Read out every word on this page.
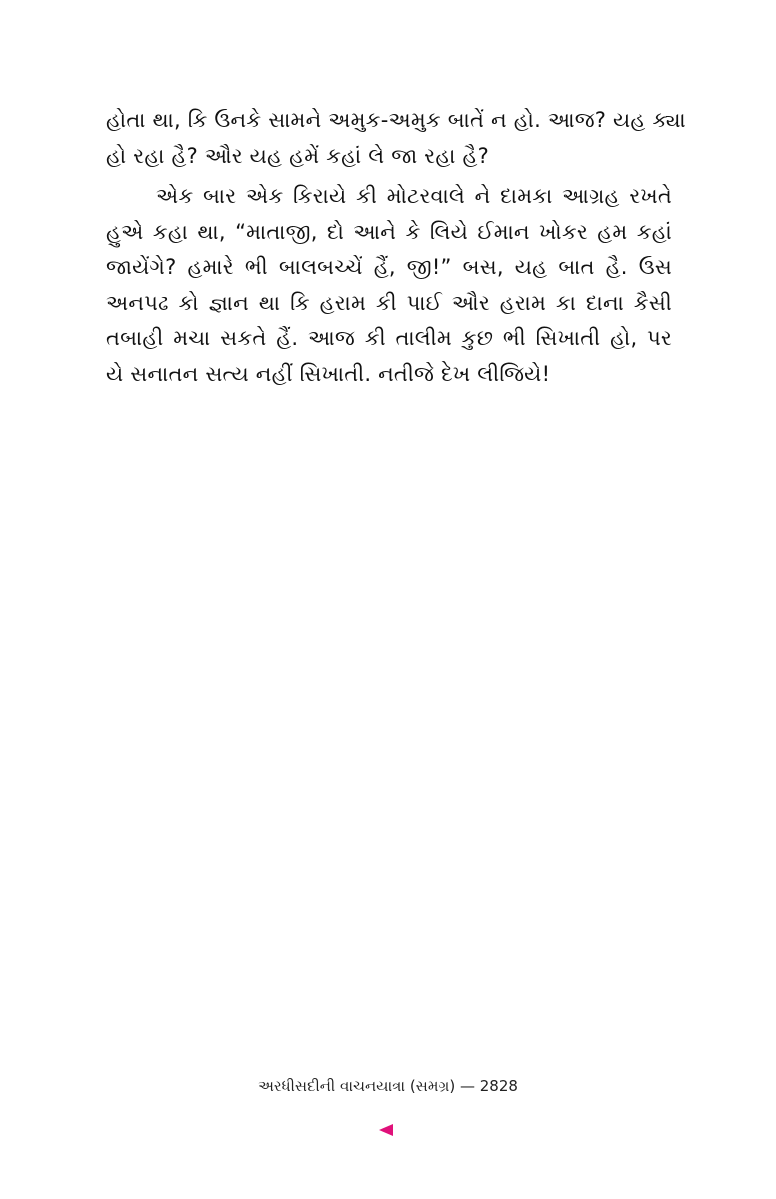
હોતા થા, કિ ઉનકે સામને અમુક-અમુક બાતેં ન હો. આજ? યહ ક્યા
હો રહા હૈ? ઔર યહ હમેં કહાં લે જા રહા હૈ?
એક બાર એક કિરાયે કી મોટરવાલે ને દામકા આગ્રહ રખતે
હુએ કહા થા, “માતાજી, દો આને કે લિયે ઈમાન ખોકર હમ કહાં
જાયેંગે? હમારે ભી બાલબચ્ચેં હૈં, જી!” બસ, યહ બાત હૈ. ઉસ
અનપઢ કો જ્ઞાન થા કિ હરામ કી પાઈ ઔર હરામ કા દાના કૈસી
તબાહી મચા સકતે હૈં. આજ કી તાલીમ કુછ ભી સિખાતી હો, પર
યે સનાતન સત્ય નહીં સિખાતી. નતીજે દેખ લીજિયે!
અરધીસદીની વાચનયાત્રા (સમગ્ર) — 2828
